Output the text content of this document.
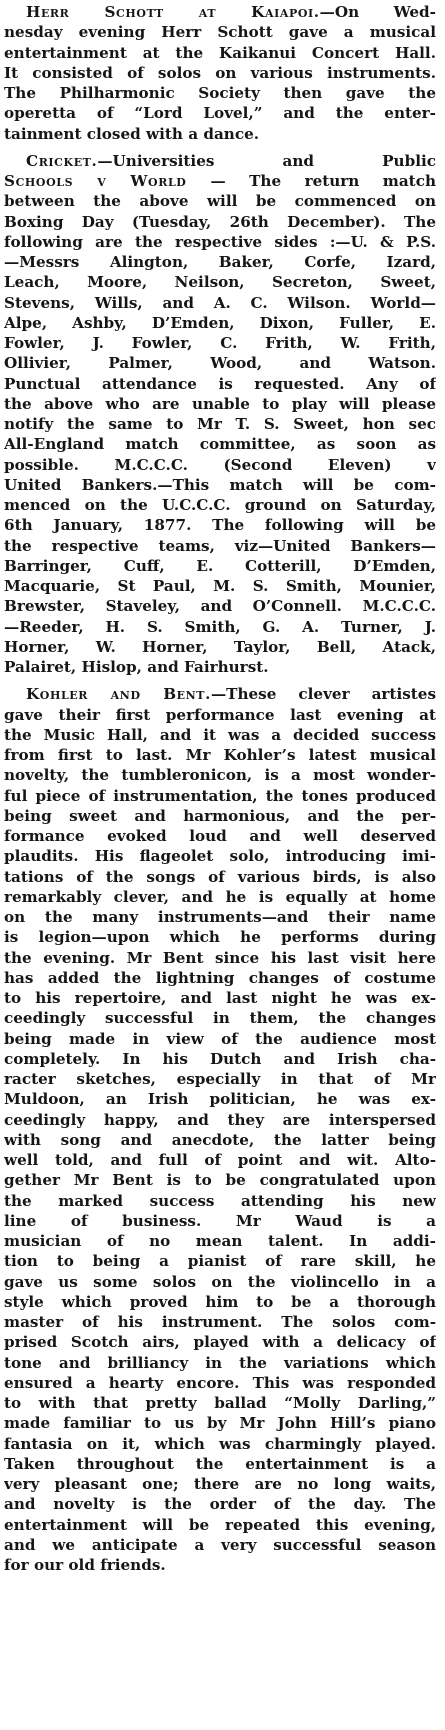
Herr Schott at Kaiapoi.—On Wed-
nesday evening Herr Schott gave a musical
entertainment at the Kaikanui Concert Hall.
It consisted of solos on various instruments.
The Philharmonic Society then gave the
operetta of “Lord Lovel,” and the enter-
tainment closed with a dance.
Cricket.—Universities and Public
Schools v World — The return match
between the above will be commenced on
Boxing Day (Tuesday, 26th December). The
following are the respective sides :—U. & P.S.
—Messrs Alington, Baker, Corfe, Izard,
Leach, Moore, Neilson, Secreton, Sweet,
Stevens, Wills, and A. C. Wilson. World—
Alpe, Ashby, D’Emden, Dixon, Fuller, E.
Fowler, J. Fowler, C. Frith, W. Frith,
Ollivier, Palmer, Wood, and Watson.
Punctual attendance is requested. Any of
the above who are unable to play will please
notify the same to Mr T. S. Sweet, hon sec
All-England match committee, as soon as
possible. M.C.C.C. (Second Eleven) v
United Bankers.—This match will be com-
menced on the U.C.C.C. ground on Saturday,
6th January, 1877. The following will be
the respective teams, viz—United Bankers—
Barringer, Cuff, E. Cotterill, D’Emden,
Macquarie, St Paul, M. S. Smith, Mounier,
Brewster, Staveley, and O’Connell. M.C.C.C.
—Reeder, H. S. Smith, G. A. Turner, J.
Horner, W. Horner, Taylor, Bell, Atack,
Palairet, Hislop, and Fairhurst.
Kohler and Bent.—These clever artistes
gave their first performance last evening at
the Music Hall, and it was a decided success
from first to last. Mr Kohler’s latest musical
novelty, the tumbleronicon, is a most wonder-
ful piece of instrumentation, the tones produced
being sweet and harmonious, and the per-
formance evoked loud and well deserved
plaudits. His flageolet solo, introducing imi-
tations of the songs of various birds, is also
remarkably clever, and he is equally at home
on the many instruments—and their name
is legion—upon which he performs during
the evening. Mr Bent since his last visit here
has added the lightning changes of costume
to his repertoire, and last night he was ex-
ceedingly successful in them, the changes
being made in view of the audience most
completely. In his Dutch and Irish cha-
racter sketches, especially in that of Mr
Muldoon, an Irish politician, he was ex-
ceedingly happy, and they are interspersed
with song and anecdote, the latter being
well told, and full of point and wit. Alto-
gether Mr Bent is to be congratulated upon
the marked success attending his new
line of business. Mr Waud is a
musician of no mean talent. In addi-
tion to being a pianist of rare skill, he
gave us some solos on the violincello in a
style which proved him to be a thorough
master of his instrument. The solos com-
prised Scotch airs, played with a delicacy of
tone and brilliancy in the variations which
ensured a hearty encore. This was responded
to with that pretty ballad “Molly Darling,”
made familiar to us by Mr John Hill’s piano
fantasia on it, which was charmingly played.
Taken throughout the entertainment is a
very pleasant one; there are no long waits,
and novelty is the order of the day. The
entertainment will be repeated this evening,
and we anticipate a very successful season
for our old friends.
